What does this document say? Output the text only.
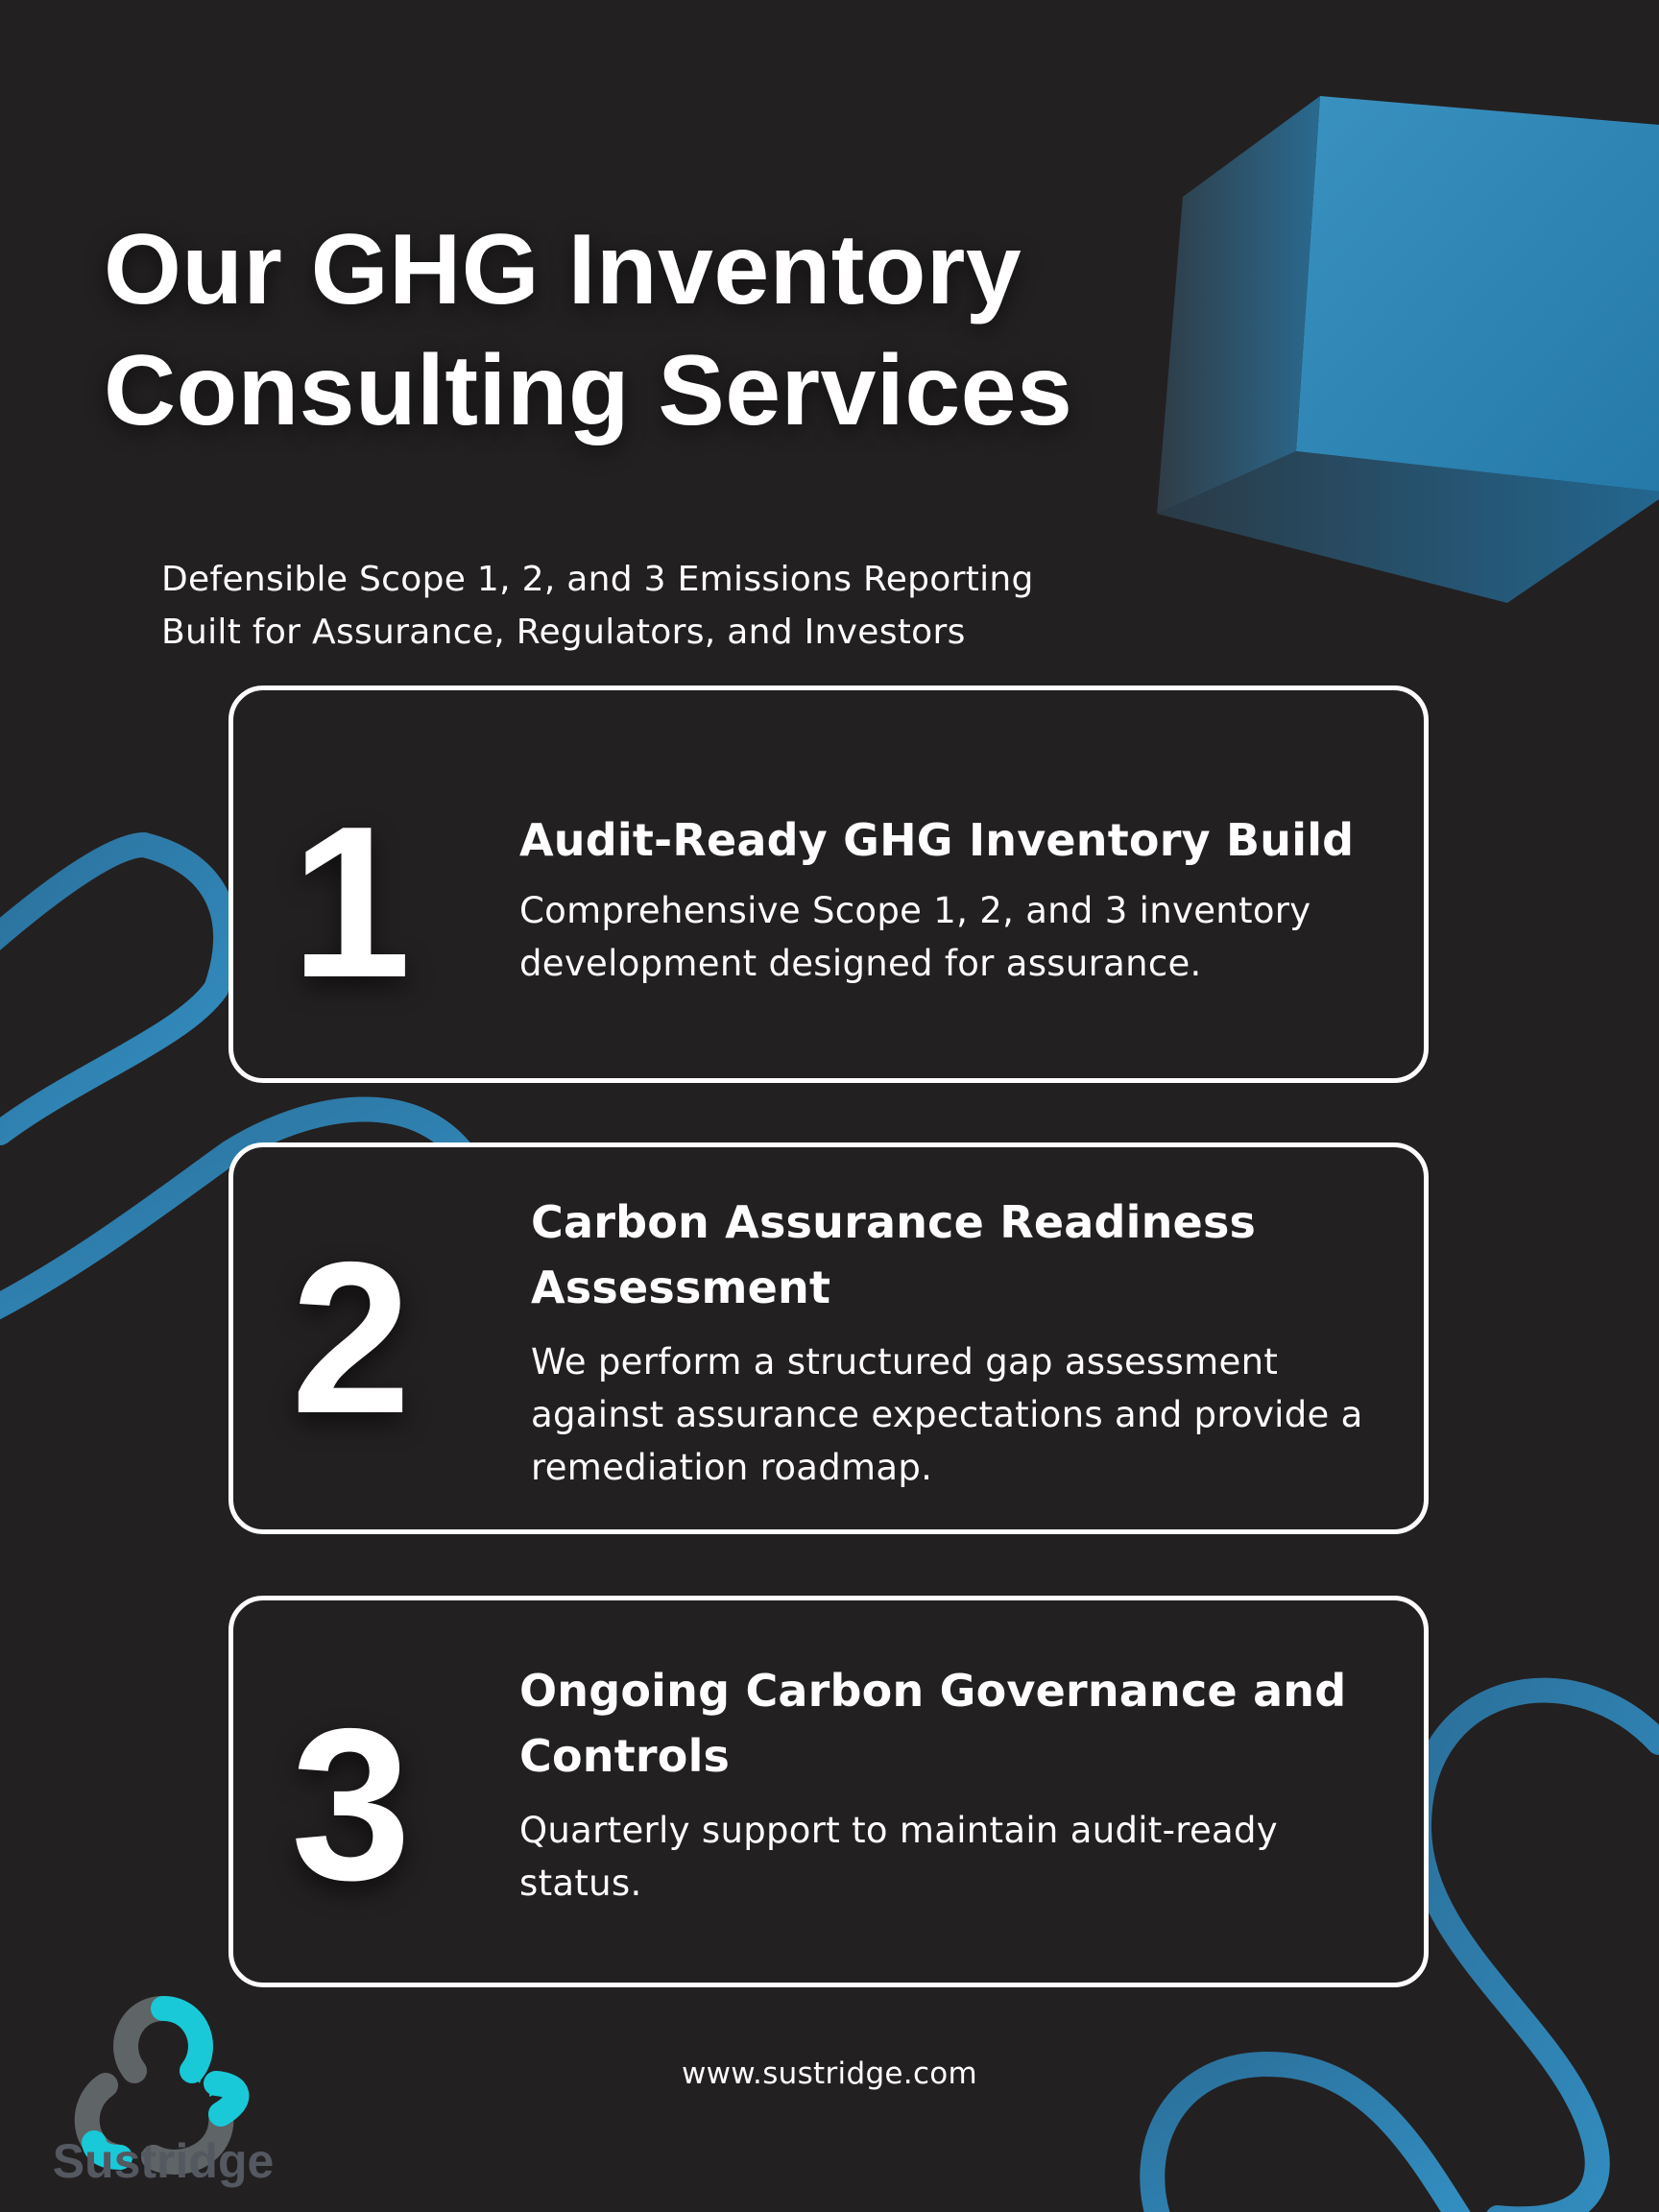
Our GHG Inventory
Consulting Services
Defensible Scope 1, 2, and 3 Emissions Reporting
Built for Assurance, Regulators, and Investors
1 Audit-Ready GHG Inventory Build
Comprehensive Scope 1, 2, and 3 inventory
development designed for assurance.
2	Carbon Assurance Readiness
Assessment
We perform a structured gap assessment
against assurance expectations and provide a
remediation roadmap.
3 Ongoing Carbon Governance and
Controls
Quarterly support to maintain audit-ready
status.
www.sustridge.com
Sustridge
